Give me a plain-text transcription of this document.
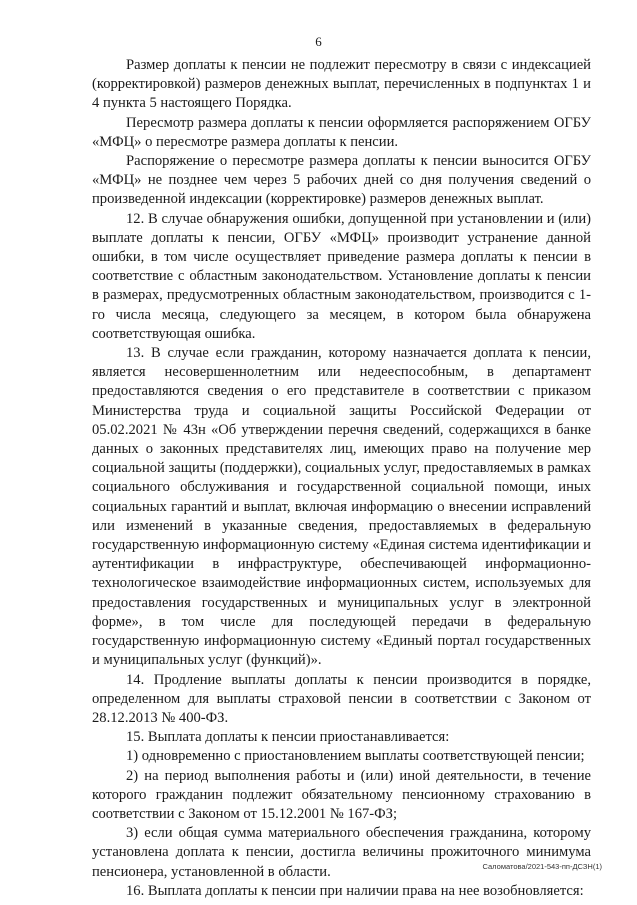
6

Размер доплаты к пенсии не подлежит пересмотру в связи с индексацией (корректировкой) размеров денежных выплат, перечисленных в подпунктах 1 и 4 пункта 5 настоящего Порядка.

Пересмотр размера доплаты к пенсии оформляется распоряжением ОГБУ «МФЦ» о пересмотре размера доплаты к пенсии.

Распоряжение о пересмотре размера доплаты к пенсии выносится ОГБУ «МФЦ» не позднее чем через 5 рабочих дней со дня получения сведений о произведенной индексации (корректировке) размеров денежных выплат.

12. В случае обнаружения ошибки, допущенной при установлении и (или) выплате доплаты к пенсии, ОГБУ «МФЦ» производит устранение данной ошибки, в том числе осуществляет приведение размера доплаты к пенсии в соответствие с областным законодательством. Установление доплаты к пенсии в размерах, предусмотренных областным законодательством, производится с 1-го числа месяца, следующего за месяцем, в котором была обнаружена соответствующая ошибка.

13. В случае если гражданин, которому назначается доплата к пенсии, является несовершеннолетним или недееспособным, в департамент предоставляются сведения о его представителе в соответствии с приказом Министерства труда и социальной защиты Российской Федерации от 05.02.2021 № 43н «Об утверждении перечня сведений, содержащихся в банке данных о законных представителях лиц, имеющих право на получение мер социальной защиты (поддержки), социальных услуг, предоставляемых в рамках социального обслуживания и государственной социальной помощи, иных социальных гарантий и выплат, включая информацию о внесении исправлений или изменений в указанные сведения, предоставляемых в федеральную государственную информационную систему «Единая система идентификации и аутентификации в инфраструктуре, обеспечивающей информационно-технологическое взаимодействие информационных систем, используемых для предоставления государственных и муниципальных услуг в электронной форме», в том числе для последующей передачи в федеральную государственную информационную систему «Единый портал государственных и муниципальных услуг (функций)».

14. Продление выплаты доплаты к пенсии производится в порядке, определенном для выплаты страховой пенсии в соответствии с Законом от 28.12.2013 № 400-ФЗ.

15. Выплата доплаты к пенсии приостанавливается:

1) одновременно с приостановлением выплаты соответствующей пенсии;

2) на период выполнения работы и (или) иной деятельности, в течение которого гражданин подлежит обязательному пенсионному страхованию в соответствии с Законом от 15.12.2001 № 167-ФЗ;

3) если общая сумма материального обеспечения гражданина, которому установлена доплата к пенсии, достигла величины прожиточного минимума пенсионера, установленной в области.

16. Выплата доплаты к пенсии при наличии права на нее возобновляется:

Саломатова/2021-543-пп-ДСЗН(1)
